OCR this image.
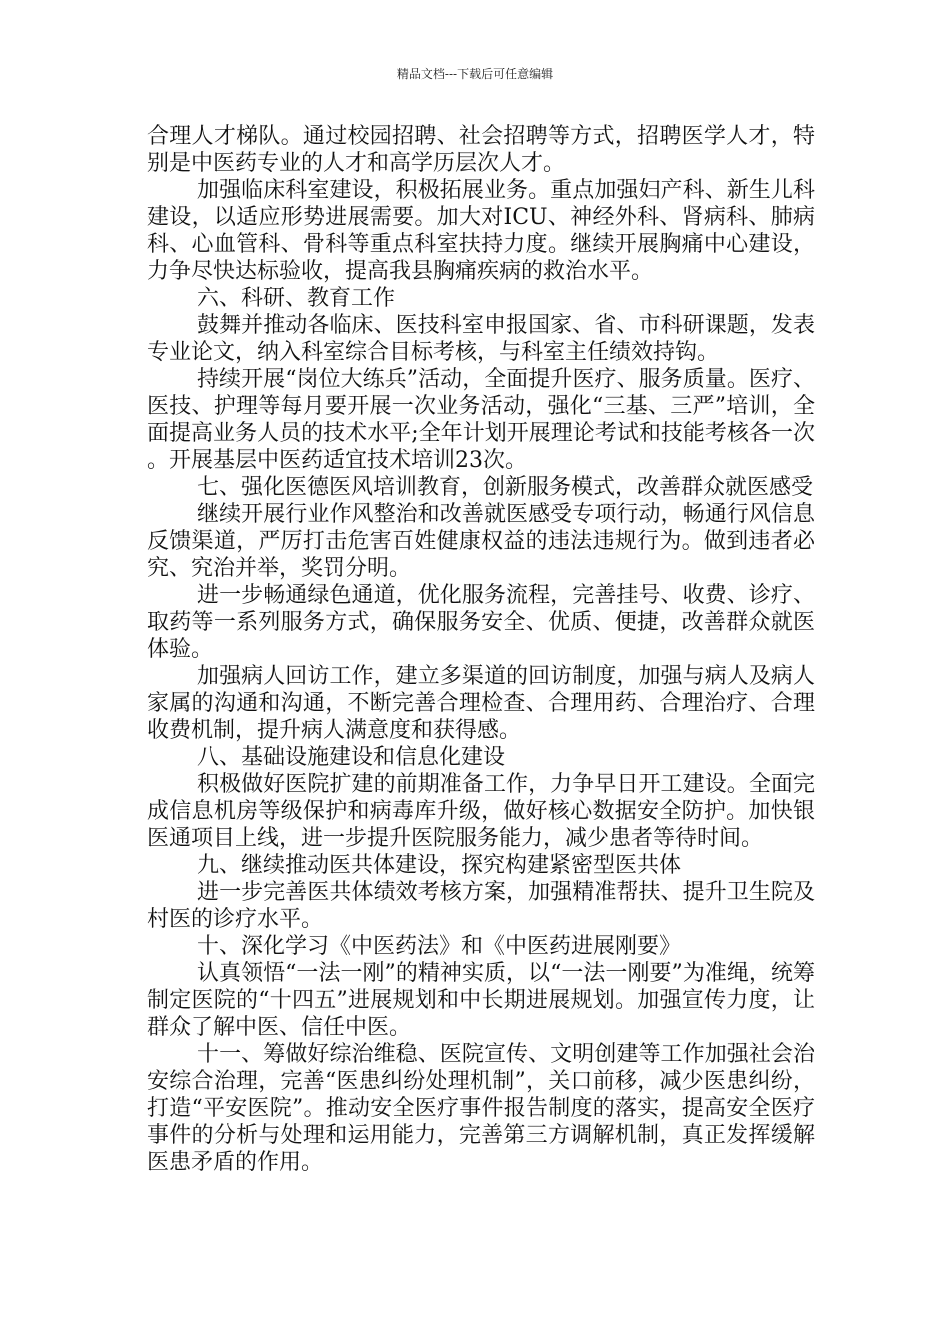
精品文档---下载后可任意编辑

合理人才梯队。通过校园招聘、社会招聘等方式，招聘医学人才，特别是中医药专业的人才和高学历层次人才。

加强临床科室建设，积极拓展业务。重点加强妇产科、新生儿科建设，以适应形势进展需要。加大对ICU、神经外科、肾病科、肺病科、心血管科、骨科等重点科室扶持力度。继续开展胸痛中心建设，力争尽快达标验收，提高我县胸痛疾病的救治水平。

六、科研、教育工作

鼓舞并推动各临床、医技科室申报国家、省、市科研课题，发表专业论文，纳入科室综合目标考核，与科室主任绩效持钩。

持续开展“岗位大练兵”活动，全面提升医疗、服务质量。医疗、医技、护理等每月要开展一次业务活动，强化“三基、三严”培训，全面提高业务人员的技术水平;全年计划开展理论考试和技能考核各一次。开展基层中医药适宜技术培训23次。

七、强化医德医风培训教育，创新服务模式，改善群众就医感受

继续开展行业作风整治和改善就医感受专项行动，畅通行风信息反馈渠道，严厉打击危害百姓健康权益的违法违规行为。做到违者必究、究治并举，奖罚分明。

进一步畅通绿色通道，优化服务流程，完善挂号、收费、诊疗、取药等一系列服务方式，确保服务安全、优质、便捷，改善群众就医体验。

加强病人回访工作，建立多渠道的回访制度，加强与病人及病人家属的沟通和沟通，不断完善合理检查、合理用药、合理治疗、合理收费机制，提升病人满意度和获得感。

八、基础设施建设和信息化建设

积极做好医院扩建的前期准备工作，力争早日开工建设。全面完成信息机房等级保护和病毒库升级，做好核心数据安全防护。加快银医通项目上线，进一步提升医院服务能力，减少患者等待时间。

九、继续推动医共体建设，探究构建紧密型医共体

进一步完善医共体绩效考核方案，加强精准帮扶、提升卫生院及村医的诊疗水平。

十、深化学习《中医药法》和《中医药进展刚要》

认真领悟“一法一刚”的精神实质，以“一法一刚要”为准绳，统筹制定医院的“十四五”进展规划和中长期进展规划。加强宣传力度，让群众了解中医、信任中医。

十一、筹做好综治维稳、医院宣传、文明创建等工作加强社会治安综合治理，完善“医患纠纷处理机制”，关口前移，减少医患纠纷，打造“平安医院”。推动安全医疗事件报告制度的落实，提高安全医疗事件的分析与处理和运用能力，完善第三方调解机制，真正发挥缓解医患矛盾的作用。
